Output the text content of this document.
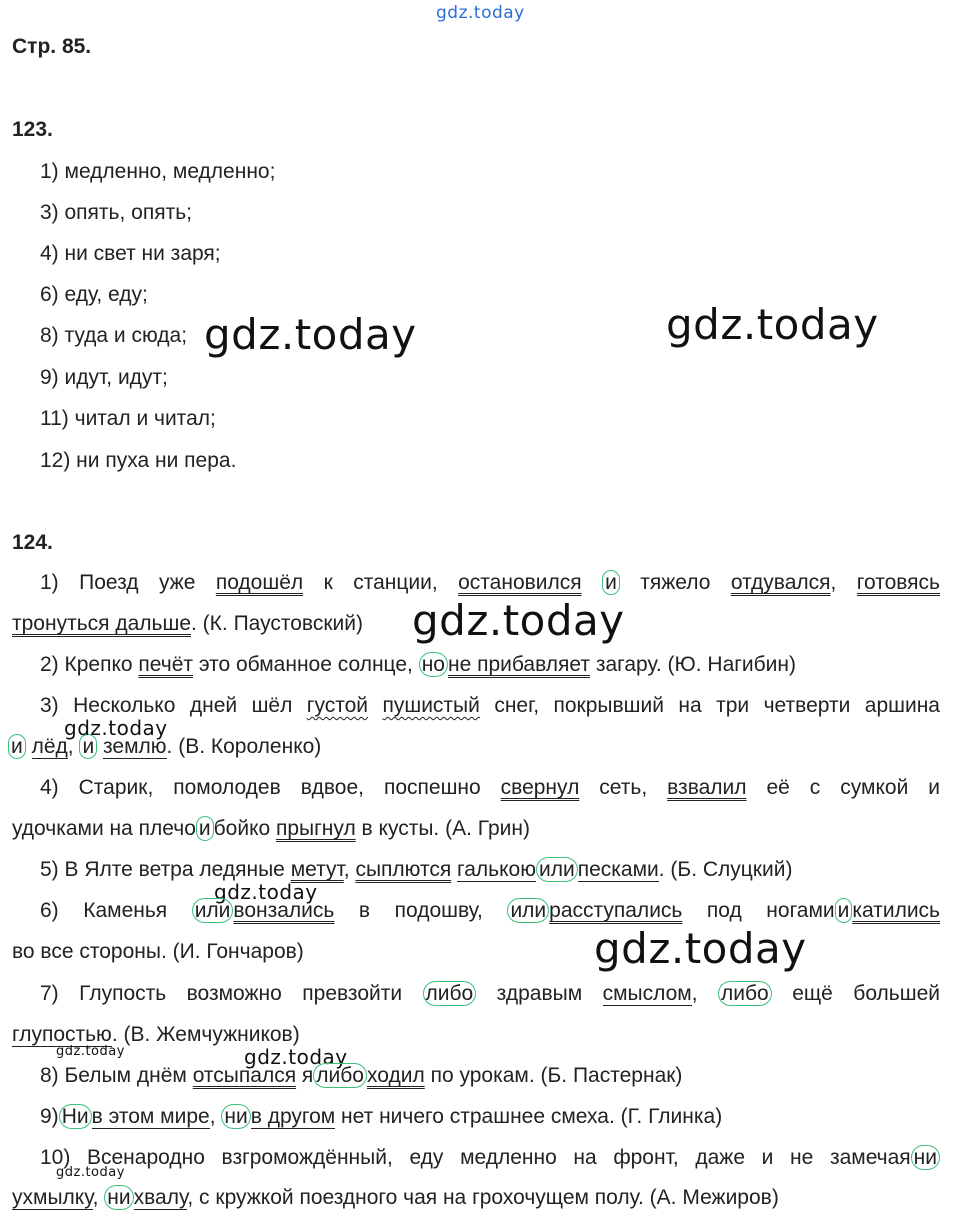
gdz.today
Стр. 85.
123.
1) медленно, медленно;
3) опять, опять;
4) ни свет ни заря;
6) еду, еду;
8) туда и сюда;
9) идут, идут;
11) читал и читал;
12) ни пуха ни пера.
gdz.today	gdz.today
124.
1) Поезд уже подошёл к станции, остановился и тяжело отдувался, готовясь
тронуться дальше. (К. Паустовский) gdz.today
2) Крепко печёт это обманное солнце, но не прибавляет загару. (Ю. Нагибин)
3) Несколько дней шёл густой пушистый снег, покрывший на три четверти аршина
и лёд, и землю. (В. Короленко)
gdz.today
4) Старик, помолодев вдвое, поспешно свернул сеть, взвалил её с сумкой и
удочками на плечо и бойко прыгнул в кусты. (А. Грин)
5) В Ялте ветра ледяные метут, сыплются галькою или песками. (Б. Слуцкий)
gdz.today
6) Каменья или вонзались в подошву, или расступались под ногами и катились
во все стороны. (И. Гончаров)	gdz.today
7) Глупость возможно превзойти либо здравым смыслом, либо ещё большей
глупостью. (В. Жемчужников)
gdz.today	gdz.today
8) Белым днём отсыпался я либо ходил по урокам. (Б. Пастернак)
9) Ни в этом мире, ни в другом нет ничего страшнее смеха. (Г. Глинка)
10) Всенародно взгромождённый, еду медленно на фронт, даже и не замечая ни
gdz.today
ухмылку, ни хвалу, с кружкой поездного чая на грохочущем полу. (А. Межиров)
